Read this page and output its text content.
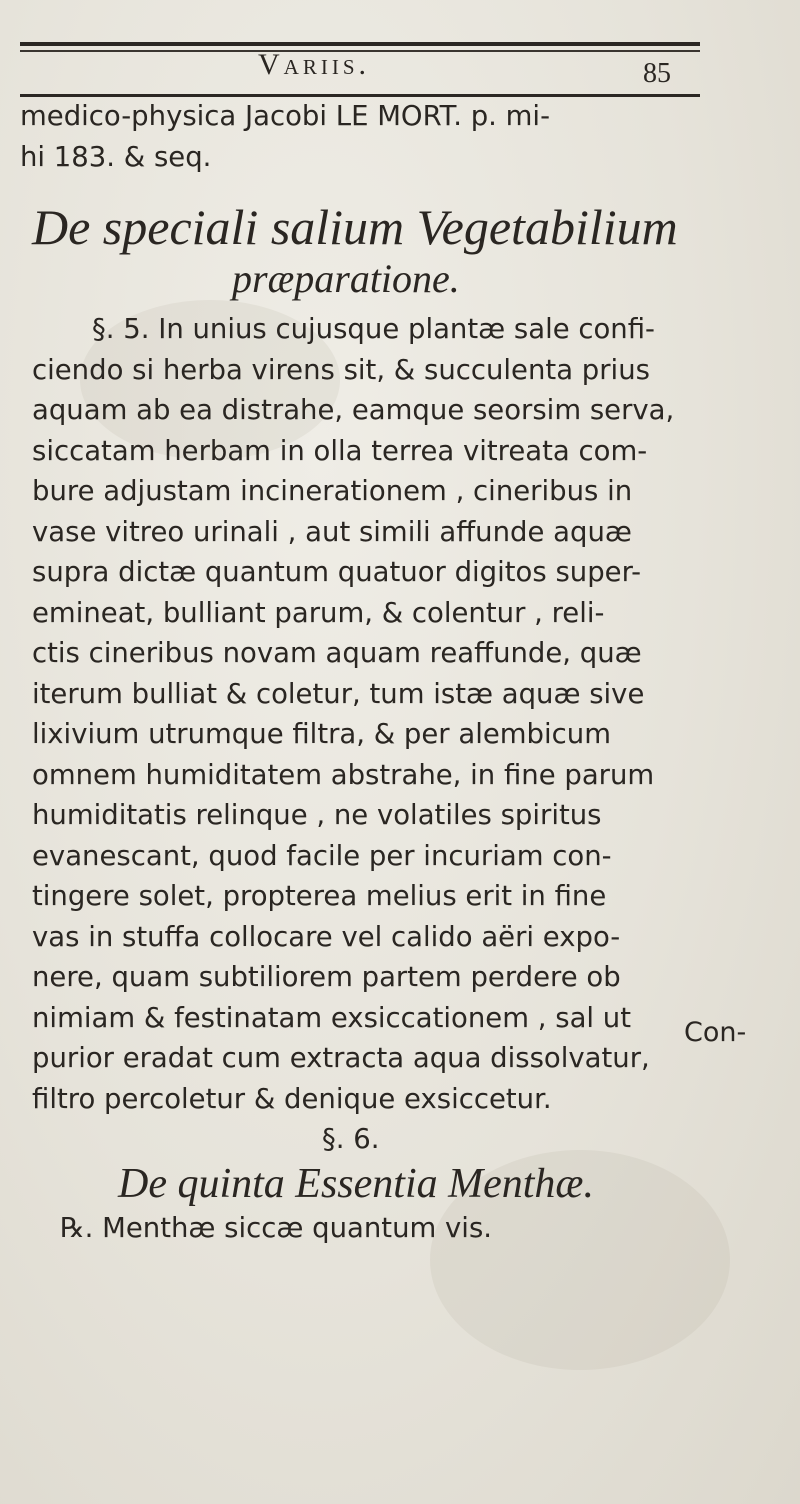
Variis.	85
medico-physica Jacobi LE MORT. p. mi-
hi 183. & seq.
De speciali salium Vegetabilium
præparatione.
§. 5. In unius cujusque plantæ sale confi-
ciendo si herba virens sit, & succulenta prius
aquam ab ea distrahe, eamque seorsim serva,
siccatam herbam in olla terrea vitreata com-
bure adjustam incinerationem , cineribus in
vase vitreo urinali , aut simili affunde aquæ
supra dictæ quantum quatuor digitos super-
emineat, bulliant parum, & colentur , reli-
ctis cineribus novam aquam reaffunde, quæ
iterum bulliat & coletur, tum istæ aquæ sive
lixivium utrumque filtra, & per alembicum
omnem humiditatem abstrahe, in fine parum
humiditatis relinque , ne volatiles spiritus
evanescant, quod facile per incuriam con-
tingere solet, propterea melius erit in fine
vas in stuffa collocare vel calido aëri expo-
nere, quam subtiliorem partem perdere ob
nimiam & festinatam exsiccationem , sal ut
purior eradat cum extracta aqua dissolvatur,
filtro percoletur & denique exsiccetur.
§. 6.
De quinta Essentia Menthæ.
℞. Menthæ siccæ quantum vis.
Con-
